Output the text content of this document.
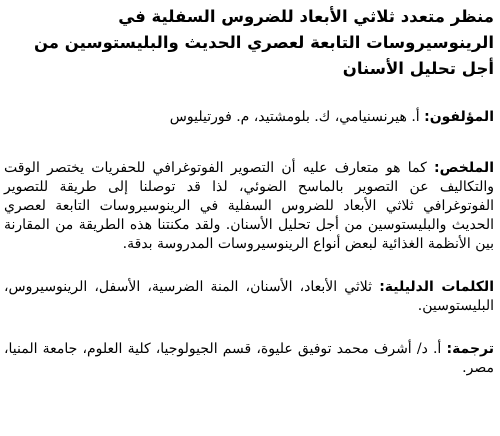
منظر متعدد ثلاثي الأبعاد للضروس السفلية في الرينوسيروسات التابعة لعصري الحديث والبليستوسين من أجل تحليل الأسنان

المؤلفون: أ. هيرنسنيامي، ك. بلومشتيد، م. فورتيليوس

الملخص: كما هو متعارف عليه أن التصوير الفوتوغرافي للحفريات يختصر الوقت والتكاليف عن التصوير بالماسح الضوئي، لذا قد توصلنا إلى طريقة للتصوير الفوتوغرافي ثلاثي الأبعاد للضروس السفلية في الرينوسيروسات التابعة لعصري الحديث والبليستوسين من أجل تحليل الأسنان. ولقد مكنتنا هذه الطريقة من المقارنة بين الأنظمة الغذائية لبعض أنواع الرينوسيروسات المدروسة بدقة.

الكلمات الدليلية: ثلاثي الأبعاد، الأسنان، المنة الضرسية، الأسفل، الرينوسيروس، البليستوسين.

ترجمة: أ. د/ أشرف محمد توفيق عليوة، قسم الجيولوجيا، كلية العلوم، جامعة المنيا، مصر.
